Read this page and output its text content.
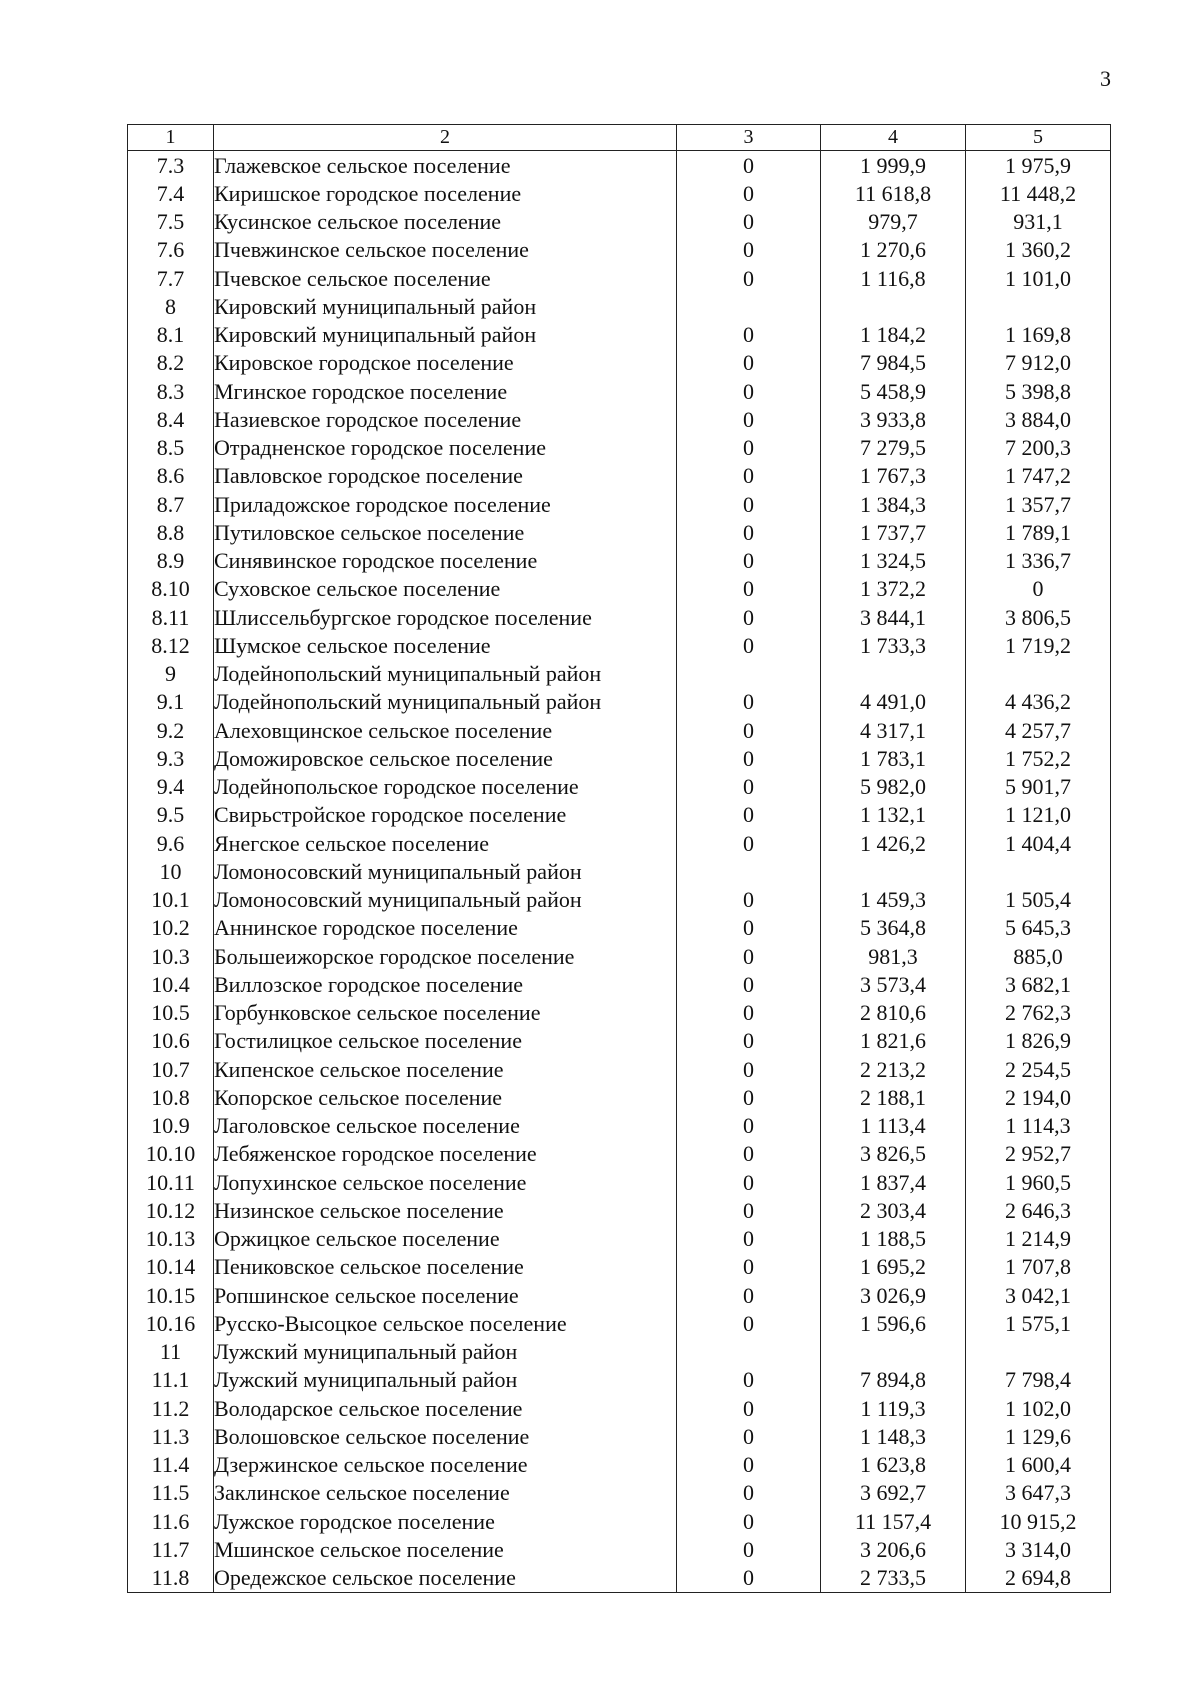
3
1	2	3	4	5
7.3	Глажевское сельское поселение	0	1 999,9	1 975,9
7.4	Киришское городское поселение	0	11 618,8	11 448,2
7.5	Кусинское сельское поселение	0	979,7	931,1
7.6	Пчевжинское сельское поселение	0	1 270,6	1 360,2
7.7	Пчевское сельское поселение	0	1 116,8	1 101,0
8	Кировский муниципальный район			
8.1	Кировский муниципальный район	0	1 184,2	1 169,8
8.2	Кировское городское поселение	0	7 984,5	7 912,0
8.3	Мгинское городское поселение	0	5 458,9	5 398,8
8.4	Назиевское городское поселение	0	3 933,8	3 884,0
8.5	Отрадненское городское поселение	0	7 279,5	7 200,3
8.6	Павловское городское поселение	0	1 767,3	1 747,2
8.7	Приладожское городское поселение	0	1 384,3	1 357,7
8.8	Путиловское сельское поселение	0	1 737,7	1 789,1
8.9	Синявинское городское поселение	0	1 324,5	1 336,7
8.10	Суховское сельское поселение	0	1 372,2	0
8.11	Шлиссельбургское городское поселение	0	3 844,1	3 806,5
8.12	Шумское сельское поселение	0	1 733,3	1 719,2
9	Лодейнопольский муниципальный район			
9.1	Лодейнопольский муниципальный район	0	4 491,0	4 436,2
9.2	Алеховщинское сельское поселение	0	4 317,1	4 257,7
9.3	Доможировское сельское поселение	0	1 783,1	1 752,2
9.4	Лодейнопольское городское поселение	0	5 982,0	5 901,7
9.5	Свирьстройское городское поселение	0	1 132,1	1 121,0
9.6	Янегское сельское поселение	0	1 426,2	1 404,4
10	Ломоносовский муниципальный район			
10.1	Ломоносовский муниципальный район	0	1 459,3	1 505,4
10.2	Аннинское городское поселение	0	5 364,8	5 645,3
10.3	Большеижорское городское поселение	0	981,3	885,0
10.4	Виллозское городское поселение	0	3 573,4	3 682,1
10.5	Горбунковское сельское поселение	0	2 810,6	2 762,3
10.6	Гостилицкое сельское поселение	0	1 821,6	1 826,9
10.7	Кипенское сельское поселение	0	2 213,2	2 254,5
10.8	Копорское сельское поселение	0	2 188,1	2 194,0
10.9	Лаголовское сельское поселение	0	1 113,4	1 114,3
10.10	Лебяженское городское поселение	0	3 826,5	2 952,7
10.11	Лопухинское сельское поселение	0	1 837,4	1 960,5
10.12	Низинское сельское поселение	0	2 303,4	2 646,3
10.13	Оржицкое сельское поселение	0	1 188,5	1 214,9
10.14	Пениковское сельское поселение	0	1 695,2	1 707,8
10.15	Ропшинское сельское поселение	0	3 026,9	3 042,1
10.16	Русско-Высоцкое сельское поселение	0	1 596,6	1 575,1
11	Лужский муниципальный район			
11.1	Лужский муниципальный район	0	7 894,8	7 798,4
11.2	Володарское сельское поселение	0	1 119,3	1 102,0
11.3	Волошовское сельское поселение	0	1 148,3	1 129,6
11.4	Дзержинское сельское поселение	0	1 623,8	1 600,4
11.5	Заклинское сельское поселение	0	3 692,7	3 647,3
11.6	Лужское городское поселение	0	11 157,4	10 915,2
11.7	Мшинское сельское поселение	0	3 206,6	3 314,0
11.8	Оредежское сельское поселение	0	2 733,5	2 694,8
